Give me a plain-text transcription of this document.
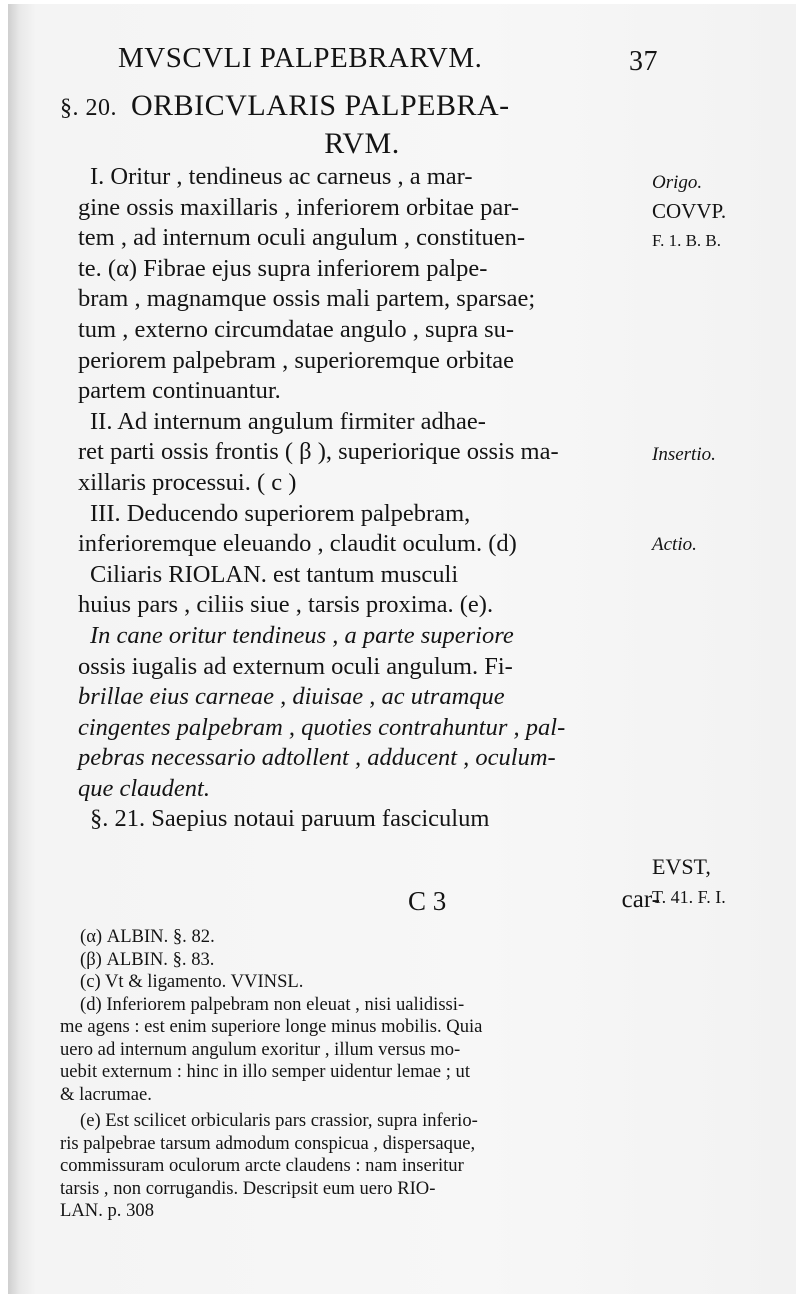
MVSCVLI PALPEBRARVM.	37
§. 20. ORBICVLARIS PALPEBRA-
RVM.

I. Oritur , tendineus ac carneus , a mar-

gine ossis maxillaris , inferiorem orbitae par-

tem , ad internum oculi angulum , constituen-

te. (α) Fibrae ejus supra inferiorem palpe-

bram , magnamque ossis mali partem, sparsae;

tum , externo circumdatae angulo , supra su-

periorem palpebram , superioremque orbitae

partem continuantur.

II. Ad internum angulum firmiter adhae-

ret parti ossis frontis ( β ), superiorique ossis ma-

xillaris processui. ( c )

III. Deducendo superiorem palpebram,

inferioremque eleuando , claudit oculum. (d)

Ciliaris RIOLAN. est tantum musculi

huius pars , ciliis siue , tarsis proxima. (e).

In cane oritur tendineus , a parte superiore

ossis iugalis ad externum oculi angulum. Fi-

brillae eius carneae , diuisae , ac utramque

cingentes palpebram , quoties contrahuntur , pal-

pebras necessario adtollent , adducent , oculum-

que claudent.

§. 21. Saepius notaui paruum fasciculum

Origo.
COVVP.
F. 1. B. B.
Insertio.
Actio.
EVST,
T. 41. F. I.
C 3	car-

(α) ALBIN. §. 82.

(β) ALBIN. §. 83.

(c) Vt & ligamento. VVINSL.

(d) Inferiorem palpebram non eleuat , nisi ualidissi-

me agens : est enim superiore longe minus mobilis. Quia

uero ad internum angulum exoritur , illum versus mo-

uebit externum : hinc in illo semper uidentur lemae ; ut

& lacrumae.

(e) Est scilicet orbicularis pars crassior, supra inferio-

ris palpebrae tarsum admodum conspicua , dispersaque,

commissuram oculorum arcte claudens : nam inseritur

tarsis , non corrugandis. Descripsit eum uero RIO-

LAN. p. 308
